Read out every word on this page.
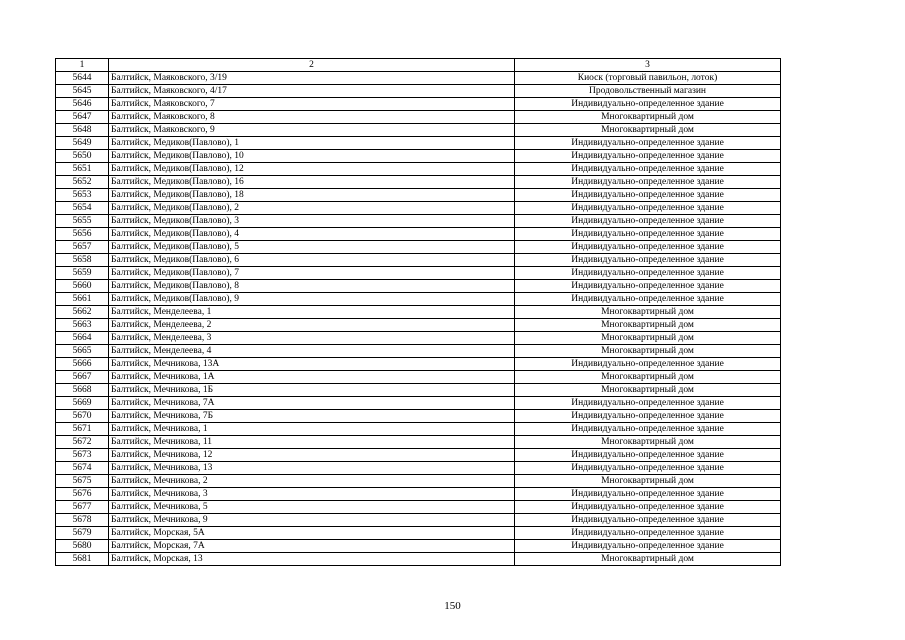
1	2	3
5644	Балтийск, Маяковского, 3/19	Киоск (торговый павильон, лоток)
5645	Балтийск, Маяковского, 4/17	Продовольственный магазин
5646	Балтийск, Маяковского, 7	Индивидуально-определенное здание
5647	Балтийск, Маяковского, 8	Многоквартирный дом
5648	Балтийск, Маяковского, 9	Многоквартирный дом
5649	Балтийск, Медиков(Павлово), 1	Индивидуально-определенное здание
5650	Балтийск, Медиков(Павлово), 10	Индивидуально-определенное здание
5651	Балтийск, Медиков(Павлово), 12	Индивидуально-определенное здание
5652	Балтийск, Медиков(Павлово), 16	Индивидуально-определенное здание
5653	Балтийск, Медиков(Павлово), 18	Индивидуально-определенное здание
5654	Балтийск, Медиков(Павлово), 2	Индивидуально-определенное здание
5655	Балтийск, Медиков(Павлово), 3	Индивидуально-определенное здание
5656	Балтийск, Медиков(Павлово), 4	Индивидуально-определенное здание
5657	Балтийск, Медиков(Павлово), 5	Индивидуально-определенное здание
5658	Балтийск, Медиков(Павлово), 6	Индивидуально-определенное здание
5659	Балтийск, Медиков(Павлово), 7	Индивидуально-определенное здание
5660	Балтийск, Медиков(Павлово), 8	Индивидуально-определенное здание
5661	Балтийск, Медиков(Павлово), 9	Индивидуально-определенное здание
5662	Балтийск, Менделеева, 1	Многоквартирный дом
5663	Балтийск, Менделеева, 2	Многоквартирный дом
5664	Балтийск, Менделеева, 3	Многоквартирный дом
5665	Балтийск, Менделеева, 4	Многоквартирный дом
5666	Балтийск, Мечникова, 13А	Индивидуально-определенное здание
5667	Балтийск, Мечникова, 1А	Многоквартирный дом
5668	Балтийск, Мечникова, 1Б	Многоквартирный дом
5669	Балтийск, Мечникова, 7А	Индивидуально-определенное здание
5670	Балтийск, Мечникова, 7Б	Индивидуально-определенное здание
5671	Балтийск, Мечникова, 1	Индивидуально-определенное здание
5672	Балтийск, Мечникова, 11	Многоквартирный дом
5673	Балтийск, Мечникова, 12	Индивидуально-определенное здание
5674	Балтийск, Мечникова, 13	Индивидуально-определенное здание
5675	Балтийск, Мечникова, 2	Многоквартирный дом
5676	Балтийск, Мечникова, 3	Индивидуально-определенное здание
5677	Балтийск, Мечникова, 5	Индивидуально-определенное здание
5678	Балтийск, Мечникова, 9	Индивидуально-определенное здание
5679	Балтийск, Морская, 5А	Индивидуально-определенное здание
5680	Балтийск, Морская, 7А	Индивидуально-определенное здание
5681	Балтийск, Морская, 13	Многоквартирный дом
150
